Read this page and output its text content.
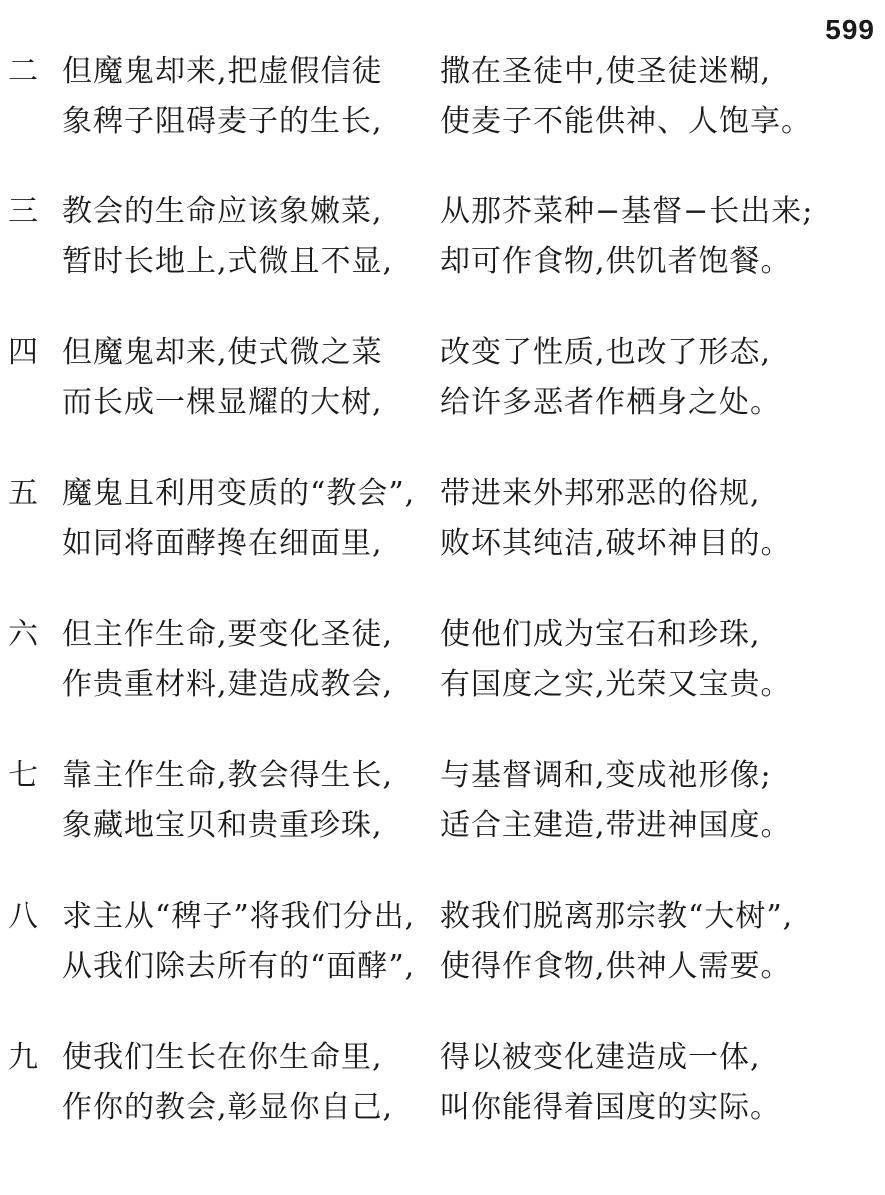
599
二 但魔鬼却来,把虚假信徒 撒在圣徒中,使圣徒迷糊,
象稗子阻碍麦子的生长, 使麦子不能供神、人饱享。
三 教会的生命应该象嫩菜, 从那芥菜种−基督−长出来;
暂时长地上,式微且不显, 却可作食物,供饥者饱餐。
四 但魔鬼却来,使式微之菜 改变了性质,也改了形态,
而长成一棵显耀的大树, 给许多恶者作栖身之处。
五 魔鬼且利用变质的“教会”, 带进来外邦邪恶的俗规,
如同将面酵搀在细面里, 败坏其纯洁,破坏神目的。
六 但主作生命,要变化圣徒, 使他们成为宝石和珍珠,
作贵重材料,建造成教会, 有国度之实,光荣又宝贵。
七 靠主作生命,教会得生长, 与基督调和,变成祂形像;
象藏地宝贝和贵重珍珠, 适合主建造,带进神国度。
八 求主从“稗子”将我们分出, 救我们脱离那宗教“大树”,
从我们除去所有的“面酵”, 使得作食物,供神人需要。
九 使我们生长在你生命里, 得以被变化建造成一体,
作你的教会,彰显你自己, 叫你能得着国度的实际。
